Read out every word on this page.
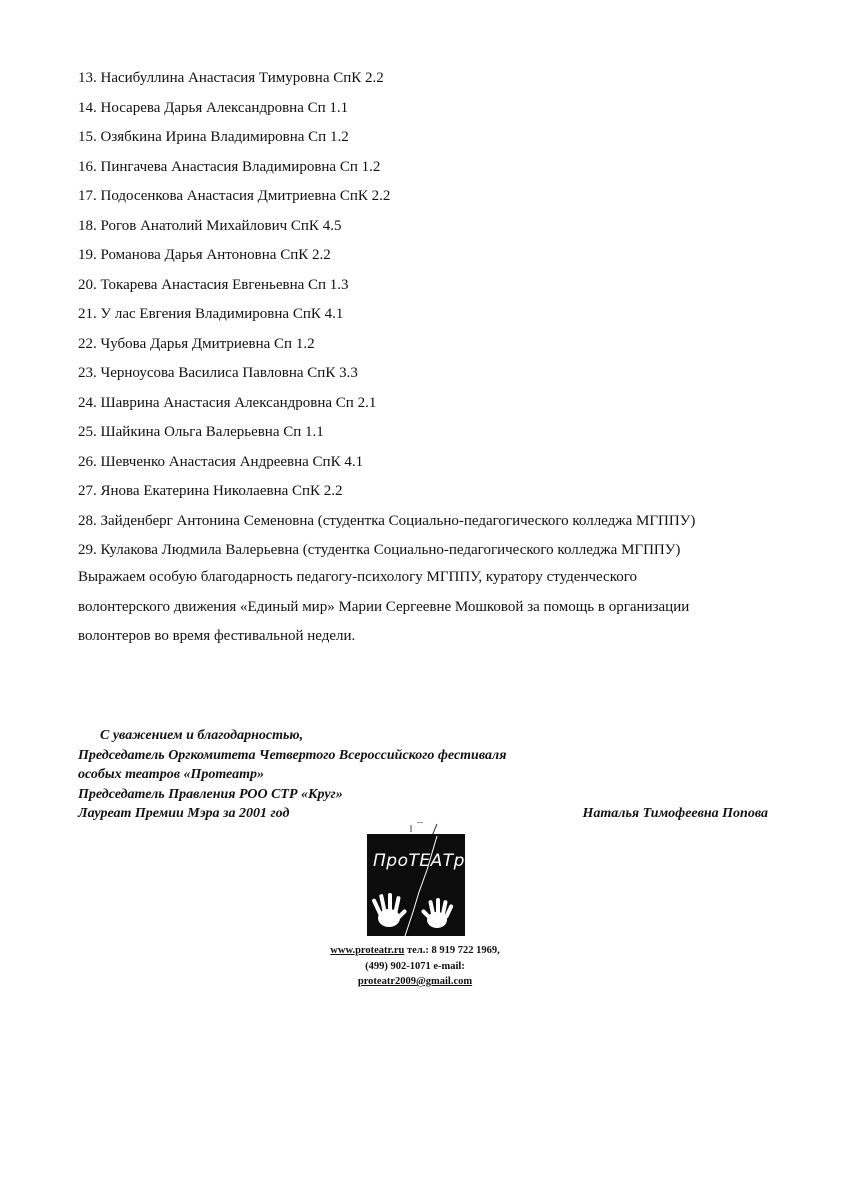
13. Насибуллина Анастасия Тимуровна СпК 2.2
14. Носарева Дарья Александровна Сп 1.1
15. Озябкина Ирина Владимировна Сп 1.2
16. Пингачева Анастасия Владимировна Сп 1.2
17. Подосенкова Анастасия Дмитриевна СпК 2.2
18. Рогов Анатолий Михайлович СпК 4.5
19. Романова Дарья Антоновна СпК 2.2
20. Токарева Анастасия Евгеньевна Сп 1.3
21. У лас Евгения Владимировна СпК 4.1
22. Чубова Дарья Дмитриевна Сп 1.2
23. Черноусова Василиса Павловна СпК 3.3
24. Шаврина Анастасия Александровна Сп 2.1
25. Шайкина Ольга Валерьевна Сп 1.1
26. Шевченко Анастасия Андреевна СпК 4.1
27. Янова Екатерина Николаевна СпК 2.2
28. Зайденберг Антонина Семеновна (студентка Социально-педагогического колледжа МГППУ)
29. Кулакова Людмила Валерьевна (студентка Социально-педагогического колледжа МГППУ)

Выражаем особую благодарность педагогу-психологу МГППУ, куратору студенческого
волонтерского движения «Единый мир» Марии Сергеевне Мошковой за помощь в организации
волонтеров во время фестивальной недели.

С уважением и благодарностью,
Председатель Оргкомитета Четвертого Всероссийского фестиваля
особых театров «Протеатр»
Председатель Правления РОО СТР «Круг»
Лауреат Премии Мэра за 2001 год	Наталья Тимофеевна Попова
ПроТЕАТр
www.proteatr.ru тел.: 8 919 722 1969,
(499) 902-1071 e-mail:
proteatr2009@gmail.com
